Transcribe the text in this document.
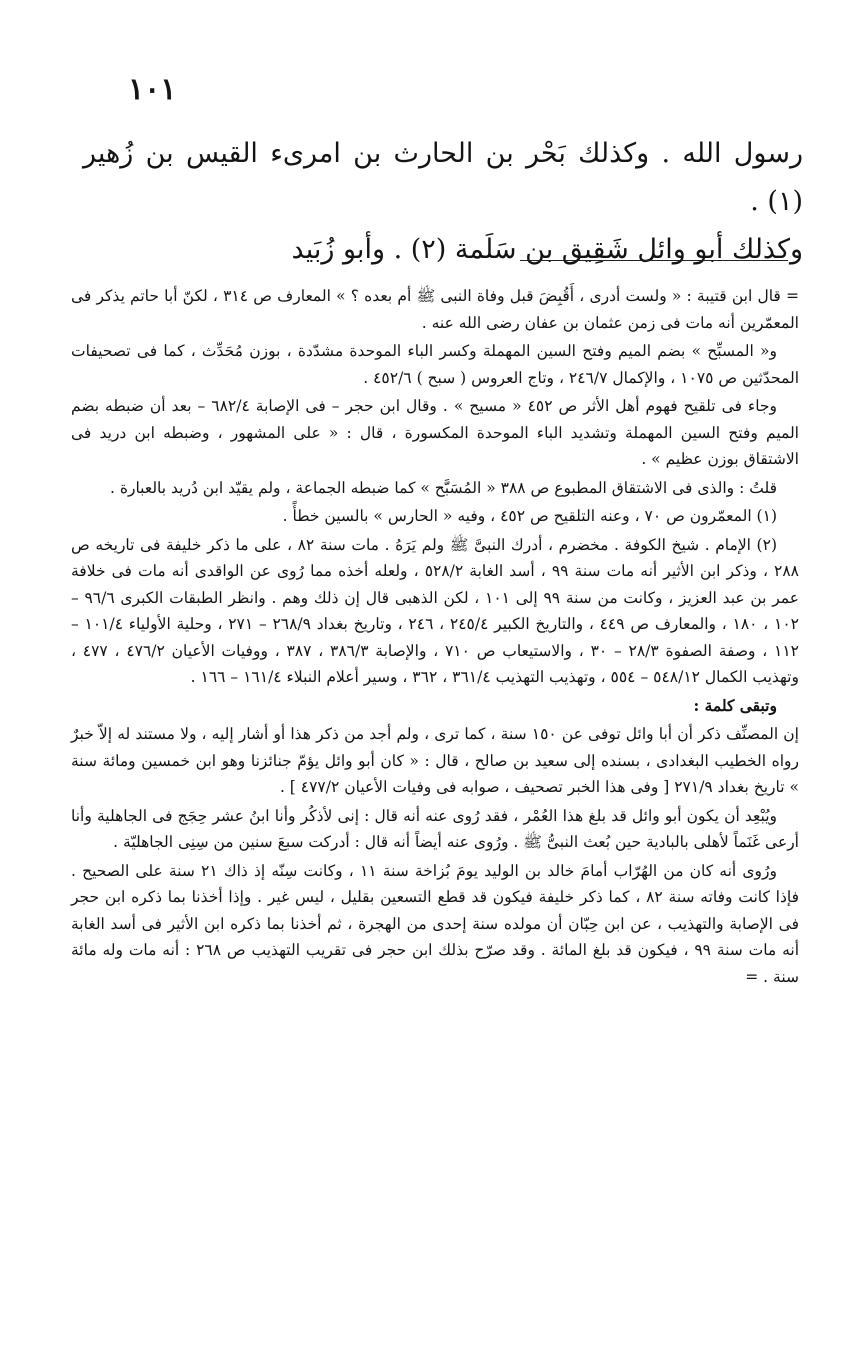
١٠١

رسول الله . وكذلك بَحْر بن الحارث بن امرىء القيس بن زُهير (١) .

وكذلك أبو وائل شَقِيق بن سَلَمة (٢) . وأبو زُبَيد

= قال ابن قتيبة : « ولست أدرى ، أَقُبِضَ قبل وفاة النبى ﷺ أم بعده ؟ » المعارف ص ٣١٤ ، لكنّ أبا حاتم يذكر فى المعمّرين أنه مات فى زمن عثمان بن عفان رضى الله عنه .

و« المسبِّح » بضم الميم وفتح السين المهملة وكسر الباء الموحدة مشدّدة ، بوزن مُحَدِّث ، كما فى تصحيفات المحدّثين ص ١٠٧٥ ، والإكمال ٢٤٦/٧ ، وتاج العروس ( سبح ) ٤٥٢/٦ .

وجاء فى تلقيح فهوم أهل الأثر ص ٤٥٢ « مسيح » . وقال ابن حجر – فى الإصابة ٦٨٢/٤ – بعد أن ضبطه بضم الميم وفتح السين المهملة وتشديد الباء الموحدة المكسورة ، قال : « على المشهور ، وضبطه ابن دريد فى الاشتقاق بوزن عظيم » .

قلتُ : والذى فى الاشتقاق المطبوع ص ٣٨٨ « المُسَبَّح » كما ضبطه الجماعة ، ولم يقيّد ابن دُريد بالعبارة .

(١) المعمّرون ص ٧٠ ، وعنه التلقيح ص ٤٥٢ ، وفيه « الحارس » بالسين خطأً .

(٢) الإمام . شيخ الكوفة . مخضرم ، أدرك النبىَّ ﷺ ولم يَرَهُ . مات سنة ٨٢ ، على ما ذكر خليفة فى تاريخه ص ٢٨٨ ، وذكر ابن الأثير أنه مات سنة ٩٩ ، أسد الغابة ٥٢٨/٢ ، ولعله أخذه مما رُوى عن الواقدى أنه مات فى خلافة عمر بن عبد العزيز ، وكانت من سنة ٩٩ إلى ١٠١ ، لكن الذهبى قال إن ذلك وهم . وانظر الطبقات الكبرى ٩٦/٦ – ١٠٢ ، ١٨٠ ، والمعارف ص ٤٤٩ ، والتاريخ الكبير ٢٤٥/٤ ، ٢٤٦ ، وتاريخ بغداد ٢٦٨/٩ – ٢٧١ ، وحلية الأولياء ١٠١/٤ – ١١٢ ، وصفة الصفوة ٢٨/٣ – ٣٠ ، والاستيعاب ص ٧١٠ ، والإصابة ٣٨٦/٣ ، ٣٨٧ ، ووفيات الأعيان ٤٧٦/٢ ، ٤٧٧ ، وتهذيب الكمال ٥٤٨/١٢ – ٥٥٤ ، وتهذيب التهذيب ٣٦١/٤ ، ٣٦٢ ، وسير أعلام النبلاء ١٦١/٤ – ١٦٦ .

وتبقى كلمة :

إن المصنِّف ذكر أن أبا وائل توفى عن ١٥٠ سنة ، كما ترى ، ولم أجد من ذكر هذا أو أشار إليه ، ولا مستند له إلاّ خبرٌ رواه الخطيب البغدادى ، بسنده إلى سعيد بن صالح ، قال : « كان أبو وائل يؤمّ جنائزنا وهو ابن خمسين ومائة سنة » تاريخ بغداد ٢٧١/٩ [ وفى هذا الخبر تصحيف ، صوابه فى وفيات الأعيان ٤٧٧/٢ ] .

ويُبْعِد أن يكون أبو وائل قد بلغ هذا العُمْر ، فقد رُوى عنه أنه قال : إنى لأذكُر وأنا ابنُ عشر حِجَج فى الجاهلية وأنا أرعى غَنَماً لأهلى بالبادية حين بُعث النبىُّ ﷺ . ورُوى عنه أيضاً أنه قال : أدركت سبعَ سنين من سِنِى الجاهليّة .

ورُوى أنه كان من الهُرّاب أمامَ خالد بن الوليد يومَ بُزاخة سنة ١١ ، وكانت سِنّه إذ ذاك ٢١ سنة على الصحيح . فإذا كانت وفاته سنة ٨٢ ، كما ذكر خليفة فيكون قد قطع التسعين بقليل ، ليس غير . وإذا أخذنا بما ذكره ابن حجر فى الإصابة والتهذيب ، عن ابن حِبّان أن مولده سنة إحدى من الهجرة ، ثم أخذنا بما ذكره ابن الأثير فى أسد الغابة أنه مات سنة ٩٩ ، فيكون قد بلغ المائة . وقد صرّح بذلك ابن حجر فى تقريب التهذيب ص ٢٦٨ : أنه مات وله مائة سنة . =
